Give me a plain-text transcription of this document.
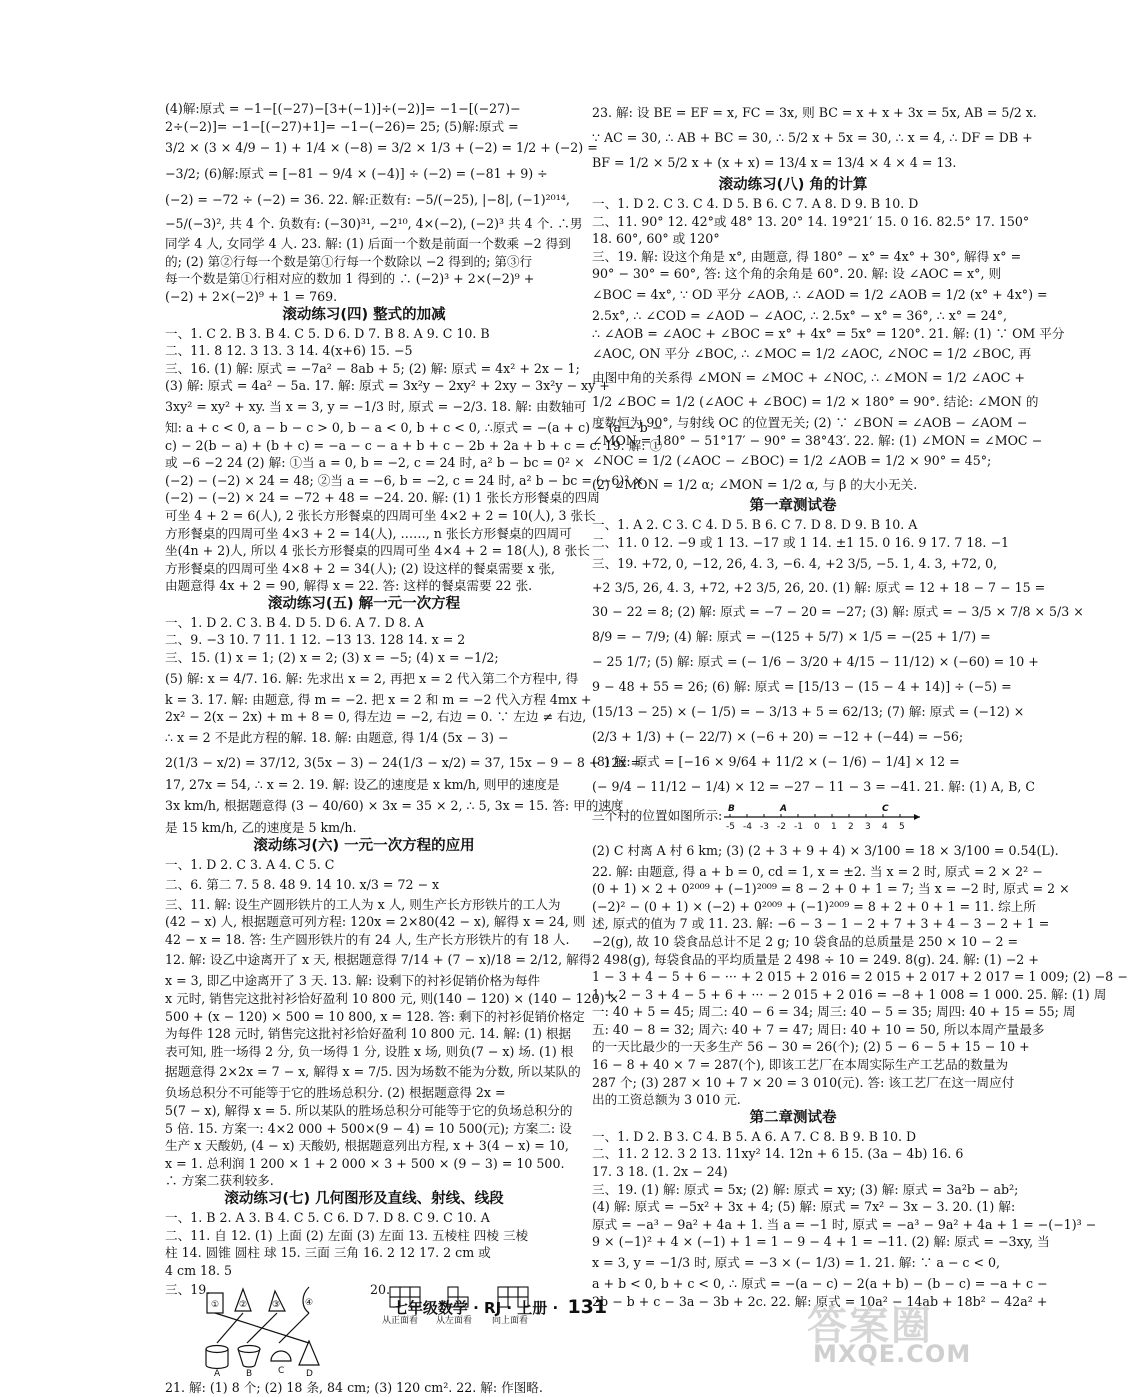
(4)解:原式 = −1−[(−27)−[3+(−1)]÷(−2)]= −1−[(−27)−
2÷(−2)]= −1−[(−27)+1]= −1−(−26)= 25; (5)解:原式 =
3/2 × (3 × 4/9 − 1) + 1/4 × (−8) = 3/2 × 1/3 + (−2) = 1/2 + (−2) =
−3/2; (6)解:原式 = [−81 − 9/4 × (−4)] ÷ (−2) = (−81 + 9) ÷
(−2) = −72 ÷ (−2) = 36. 22. 解:正数有: −5/(−25), |−8|, (−1)²⁰¹⁴,
−5/(−3)², 共 4 个. 负数有: (−30)³¹, −2¹⁰, 4×(−2), (−2)³ 共 4 个. ∴男
同学 4 人, 女同学 4 人. 23. 解: (1) 后面一个数是前面一个数乘 −2 得到
的; (2) 第②行每一个数是第①行每一个数除以 −2 得到的; 第③行
每一个数是第①行相对应的数加 1 得到的 ∴ (−2)³ + 2×(−2)⁹ +
(−2) + 2×(−2)⁹ + 1 = 769.
滚动练习(四) 整式的加减
一、1. C 2. B 3. B 4. C 5. D 6. D 7. B 8. A 9. C 10. B
二、11. 8 12. 3 13. 3 14. 4(x+6) 15. −5
三、16. (1) 解: 原式 = −7a² − 8ab + 5; (2) 解: 原式 = 4x² + 2x − 1;
(3) 解: 原式 = 4a² − 5a. 17. 解: 原式 = 3x²y − 2xy² + 2xy − 3x²y − xy +
3xy² = xy² + xy. 当 x = 3, y = −1/3 时, 原式 = −2/3. 18. 解: 由数轴可
知: a + c < 0, a − b − c > 0, b − a < 0, b + c < 0, ∴原式 = −(a + c) − (a − b −
c) − 2(b − a) + (b + c) = −a − c − a + b + c − 2b + 2a + b + c = c. 19. 解: ①
或 −6 −2 24 (2) 解: ①当 a = 0, b = −2, c = 24 时, a² b − bc = 0² ×
(−2) − (−2) × 24 = 48; ②当 a = −6, b = −2, c = 24 时, a² b − bc = (−6)² ×
(−2) − (−2) × 24 = −72 + 48 = −24. 20. 解: (1) 1 张长方形餐桌的四周
可坐 4 + 2 = 6(人), 2 张长方形餐桌的四周可坐 4×2 + 2 = 10(人), 3 张长
方形餐桌的四周可坐 4×3 + 2 = 14(人), ……, n 张长方形餐桌的四周可
坐(4n + 2)人, 所以 4 张长方形餐桌的四周可坐 4×4 + 2 = 18(人), 8 张长
方形餐桌的四周可坐 4×8 + 2 = 34(人); (2) 设这样的餐桌需要 x 张,
由题意得 4x + 2 = 90, 解得 x = 22. 答: 这样的餐桌需要 22 张.
滚动练习(五) 解一元一次方程
一、1. D 2. C 3. B 4. D 5. D 6. A 7. D 8. A
二、9. −3 10. 7 11. 1 12. −13 13. 128 14. x = 2
三、15. (1) x = 1; (2) x = 2; (3) x = −5; (4) x = −1/2;
(5) 解: x = 4/7. 16. 解: 先求出 x = 2, 再把 x = 2 代入第二个方程中, 得
k = 3. 17. 解: 由题意, 得 m = −2. 把 x = 2 和 m = −2 代入方程 4mx +
2x² − 2(x − 2x) + m + 8 = 0, 得左边 = −2, 右边 = 0. ∵ 左边 ≠ 右边,
∴ x = 2 不是此方程的解. 18. 解: 由题意, 得 1/4 (5x − 3) −
2(1/3 − x/2) = 37/12, 3(5x − 3) − 24(1/3 − x/2) = 37, 15x − 9 − 8 + 12x =
17, 27x = 54, ∴ x = 2. 19. 解: 设乙的速度是 x km/h, 则甲的速度是
3x km/h, 根据题意得 (3 − 40/60) × 3x = 35 × 2, ∴ 5, 3x = 15. 答: 甲的速度
是 15 km/h, 乙的速度是 5 km/h.
滚动练习(六) 一元一次方程的应用
一、1. D 2. C 3. A 4. C 5. C
二、6. 第二 7. 5 8. 48 9. 14 10. x/3 = 72 − x
三、11. 解: 设生产圆形铁片的工人为 x 人, 则生产长方形铁片的工人为
(42 − x) 人, 根据题意可列方程: 120x = 2×80(42 − x), 解得 x = 24, 则
42 − x = 18. 答: 生产圆形铁片的有 24 人, 生产长方形铁片的有 18 人.
12. 解: 设乙中途离开了 x 天, 根据题意得 7/14 + (7 − x)/18 = 2/12, 解得
x = 3, 即乙中途离开了 3 天. 13. 解: 设剩下的衬衫促销价格为每件
x 元时, 销售完这批衬衫恰好盈利 10 800 元, 则(140 − 120) × (140 − 120) ×
500 + (x − 120) × 500 = 10 800, x = 128. 答: 剩下的衬衫促销价格定
为每件 128 元时, 销售完这批衬衫恰好盈利 10 800 元. 14. 解: (1) 根据
表可知, 胜一场得 2 分, 负一场得 1 分, 设胜 x 场, 则负(7 − x) 场. (1) 根
据题意得 2×2x = 7 − x, 解得 x = 7/5. 因为场数不能为分数, 所以某队的
负场总积分不可能等于它的胜场总积分. (2) 根据题意得 2x =
5(7 − x), 解得 x = 5. 所以某队的胜场总积分可能等于它的负场总积分的
5 倍. 15. 方案一: 4×2 000 + 500×(9 − 4) = 10 500(元); 方案二: 设
生产 x 天酸奶, (4 − x) 天酸奶, 根据题意列出方程, x + 3(4 − x) = 10,
x = 1. 总利润 1 200 × 1 + 2 000 × 3 + 500 × (9 − 3) = 10 500.
∴ 方案二获利较多.
滚动练习(七) 几何图形及直线、射线、线段
一、1. B 2. A 3. B 4. C 5. C 6. D 7. D 8. C 9. C 10. A
二、11. 自 12. (1) 上面 (2) 左面 (3) 左面 13. 五棱柱 四棱 三棱
柱 14. 圆锥 圆柱 球 15. 三面 三角 16. 2 12 17. 2 cm 或
4 cm 18. 5
三、19.
① ②	③	④
A	B	C D
20.
从正面看 从左面看 向上面看
21. 解: (1) 8 个; (2) 18 条, 84 cm; (3) 120 cm². 22. 解: 作图略.
23. 解: 设 BE = EF = x, FC = 3x, 则 BC = x + x + 3x = 5x, AB = 5/2 x.
∵ AC = 30, ∴ AB + BC = 30, ∴ 5/2 x + 5x = 30, ∴ x = 4, ∴ DF = DB +
BF = 1/2 × 5/2 x + (x + x) = 13/4 x = 13/4 × 4 × 4 = 13.
滚动练习(八) 角的计算
一、1. D 2. C 3. C 4. D 5. B 6. C 7. A 8. D 9. B 10. D
二、11. 90° 12. 42°或 48° 13. 20° 14. 19°21′ 15. 0 16. 82.5° 17. 150°
18. 60°, 60° 或 120°
三、19. 解: 设这个角是 x°, 由题意, 得 180° − x° = 4x° + 30°, 解得 x° =
90° − 30° = 60°, 答: 这个角的余角是 60°. 20. 解: 设 ∠AOC = x°, 则
∠BOC = 4x°, ∵ OD 平分 ∠AOB, ∴ ∠AOD = 1/2 ∠AOB = 1/2 (x° + 4x°) =
2.5x°, ∴ ∠COD = ∠AOD − ∠AOC, ∴ 2.5x° − x° = 36°, ∴ x° = 24°,
∴ ∠AOB = ∠AOC + ∠BOC = x° + 4x° = 5x° = 120°. 21. 解: (1) ∵ OM 平分
∠AOC, ON 平分 ∠BOC, ∴ ∠MOC = 1/2 ∠AOC, ∠NOC = 1/2 ∠BOC, 再
由图中角的关系得 ∠MON = ∠MOC + ∠NOC, ∴ ∠MON = 1/2 ∠AOC +
1/2 ∠BOC = 1/2 (∠AOC + ∠BOC) = 1/2 × 180° = 90°. 结论: ∠MON 的
度数恒为 90°, 与射线 OC 的位置无关; (2) ∵ ∠BON = ∠AOB − ∠AOM −
∠MON = 180° − 51°17′ − 90° = 38°43′. 22. 解: (1) ∠MON = ∠MOC −
∠NOC = 1/2 (∠AOC − ∠BOC) = 1/2 ∠AOB = 1/2 × 90° = 45°;
(2) ∠MON = 1/2 α; ∠MON = 1/2 α, 与 β 的大小无关.
第一章测试卷
一、1. A 2. C 3. C 4. D 5. B 6. C 7. D 8. D 9. B 10. A
二、11. 0 12. −9 或 1 13. −17 或 1 14. ±1 15. 0 16. 9 17. 7 18. −1
三、19. +72, 0, −12, 26, 4. 3, −6. 4, +2 3/5, −5. 1, 4. 3, +72, 0,
+2 3/5, 26, 4. 3, +72, +2 3/5, 26, 20. (1) 解: 原式 = 12 + 18 − 7 − 15 =
30 − 22 = 8; (2) 解: 原式 = −7 − 20 = −27; (3) 解: 原式 = − 3/5 × 7/8 × 5/3 ×
8/9 = − 7/9; (4) 解: 原式 = −(125 + 5/7) × 1/5 = −(25 + 1/7) =
− 25 1/7; (5) 解: 原式 = (− 1/6 − 3/20 + 4/15 − 11/12) × (−60) = 10 +
9 − 48 + 55 = 26; (6) 解: 原式 = [15/13 − (15 − 4 + 14)] ÷ (−5) =
(15/13 − 25) × (− 1/5) = − 3/13 + 5 = 62/13; (7) 解: 原式 = (−12) ×
(2/3 + 1/3) + (− 22/7) × (−6 + 20) = −12 + (−44) = −56;
(8) 解: 原式 = [−16 × 9/64 + 11/2 × (− 1/6) − 1/4] × 12 =
(− 9/4 − 11/12 − 1/4) × 12 = −27 − 11 − 3 = −41. 21. 解: (1) A, B, C
三个村的位置如图所示:
-5 -4 -3 -2 -1 0 1 2 3 4 5
B	A	C
(2) C 村离 A 村 6 km; (3) (2 + 3 + 9 + 4) × 3/100 = 18 × 3/100 = 0.54(L).
22. 解: 由题意, 得 a + b = 0, cd = 1, x = ±2. 当 x = 2 时, 原式 = 2 × 2² −
(0 + 1) × 2 + 0²⁰⁰⁹ + (−1)²⁰⁰⁹ = 8 − 2 + 0 + 1 = 7; 当 x = −2 时, 原式 = 2 ×
(−2)² − (0 + 1) × (−2) + 0²⁰⁰⁹ + (−1)²⁰⁰⁹ = 8 + 2 + 0 + 1 = 11. 综上所
述, 原式的值为 7 或 11. 23. 解: −6 − 3 − 1 − 2 + 7 + 3 + 4 − 3 − 2 + 1 =
−2(g), 故 10 袋食品总计不足 2 g; 10 袋食品的总质量是 250 × 10 − 2 =
2 498(g), 每袋食品的平均质量是 2 498 ÷ 10 = 249. 8(g). 24. 解: (1) −2 +
1 − 3 + 4 − 5 + 6 − ··· + 2 015 + 2 016 = 2 015 + 2 017 + 2 017 = 1 009; (2) −8 −
1 + 2 − 3 + 4 − 5 + 6 + ··· − 2 015 + 2 016 = −8 + 1 008 = 1 000. 25. 解: (1) 周
一: 40 + 5 = 45; 周二: 40 − 6 = 34; 周三: 40 − 5 = 35; 周四: 40 + 15 = 55; 周
五: 40 − 8 = 32; 周六: 40 + 7 = 47; 周日: 40 + 10 = 50, 所以本周产量最多
的一天比最少的一天多生产 56 − 30 = 26(个); (2) 5 − 6 − 5 + 15 − 10 +
16 − 8 + 40 × 7 = 287(个), 即该工艺厂在本周实际生产工艺品的数量为
287 个; (3) 287 × 10 + 7 × 20 = 3 010(元). 答: 该工艺厂在这一周应付
出的工资总额为 3 010 元.
第二章测试卷
一、1. D 2. B 3. C 4. B 5. A 6. A 7. C 8. B 9. B 10. D
二、11. 2 12. 3 2 13. 11xy² 14. 12n + 6 15. (3a − 4b) 16. 6
17. 3 18. (1. 2x − 24)
三、19. (1) 解: 原式 = 5x; (2) 解: 原式 = xy; (3) 解: 原式 = 3a²b − ab²;
(4) 解: 原式 = −5x² + 3x + 4; (5) 解: 原式 = 7x² − 3x − 3. 20. (1) 解:
原式 = −a³ − 9a² + 4a + 1. 当 a = −1 时, 原式 = −a³ − 9a² + 4a + 1 = −(−1)³ −
9 × (−1)² + 4 × (−1) + 1 = 1 − 9 − 4 + 1 = −11. (2) 解: 原式 = −3xy, 当
x = 3, y = −1/3 时, 原式 = −3 × (− 1/3) = 1. 21. 解: ∵ a − c < 0,
a + b < 0, b + c < 0, ∴ 原式 = −(a − c) − 2(a + b) − (b − c) = −a + c −
2b − b + c − 3a − 3b + 2c. 22. 解: 原式 = 10a² − 14ab + 18b² − 42a² +
七年级数学 · RJ · 上册 · 131	答案圈
MXQE.COM
